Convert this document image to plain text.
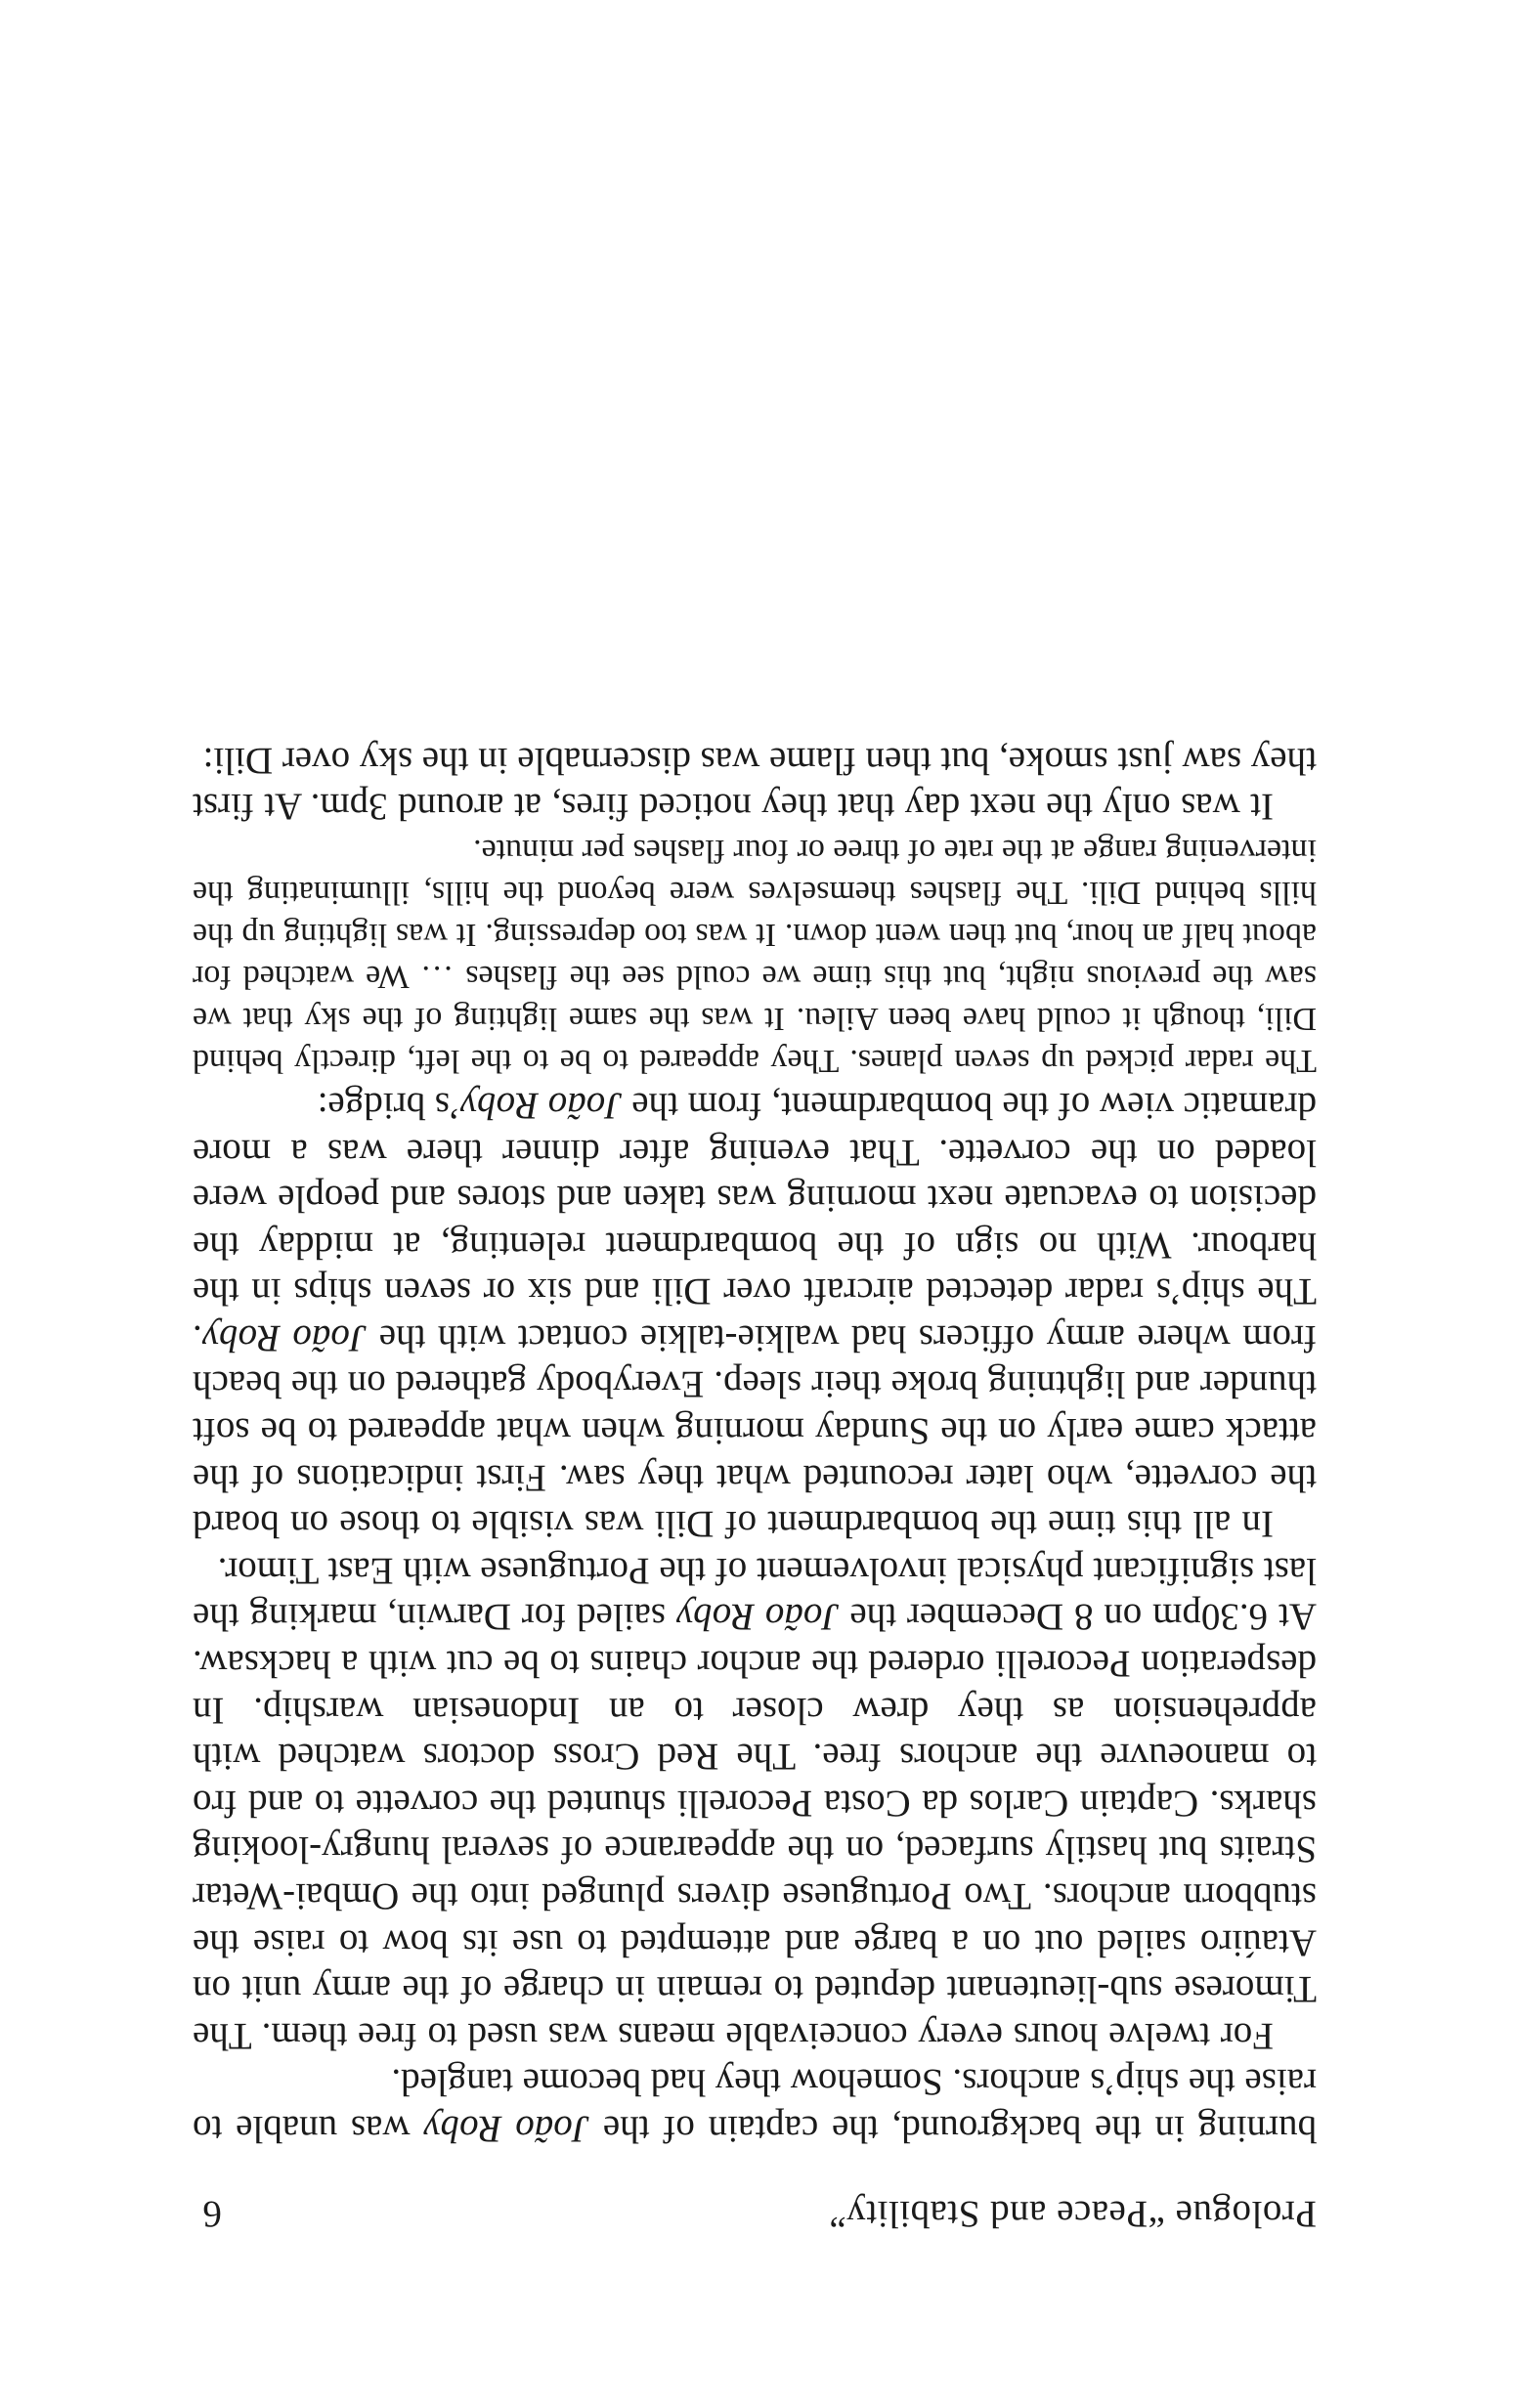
Prologue “Peace and Stability”
6

burning in the background, the captain of the João Roby was unable to raise the ship’s anchors. Somehow they had become tangled.

For twelve hours every conceivable means was used to free them. The Timorese sub-lieutenant deputed to remain in charge of the army unit on Ataúiro sailed out on a barge and attempted to use its bow to raise the stubborn anchors. Two Portuguese divers plunged into the Ombai-Wetar Straits but hastily surfaced, on the appearance of several hungry-looking sharks. Captain Carlos da Costa Pecorelli shunted the corvette to and fro to manoeuvre the anchors free. The Red Cross doctors watched with apprehension as they drew closer to an Indonesian warship. In desperation Pecorelli ordered the anchor chains to be cut with a hacksaw. At 6.30pm on 8 December the João Roby sailed for Darwin, marking the last significant physical involvement of the Portuguese with East Timor.

In all this time the bombardment of Dili was visible to those on board the corvette, who later recounted what they saw. First indications of the attack came early on the Sunday morning when what appeared to be soft thunder and lightning broke their sleep. Everybody gathered on the beach from where army officers had walkie-talkie contact with the João Roby. The ship’s radar detected aircraft over Dili and six or seven ships in the harbour. With no sign of the bombardment relenting, at midday the decision to evacuate next morning was taken and stores and people were loaded on the corvette. That evening after dinner there was a more dramatic view of the bombardment, from the João Roby’s bridge:

The radar picked up seven planes. They appeared to be to the left, directly behind Dili, though it could have been Aileu. It was the same lighting of the sky that we saw the previous night, but this time we could see the flashes … We watched for about half an hour, but then went down. It was too depressing. It was lighting up the hills behind Dili. The flashes themselves were beyond the hills, illuminating the intervening range at the rate of three or four flashes per minute.

It was only the next day that they noticed fires, at around 3pm. At first they saw just smoke, but then flame was discernable in the sky over Dili:
